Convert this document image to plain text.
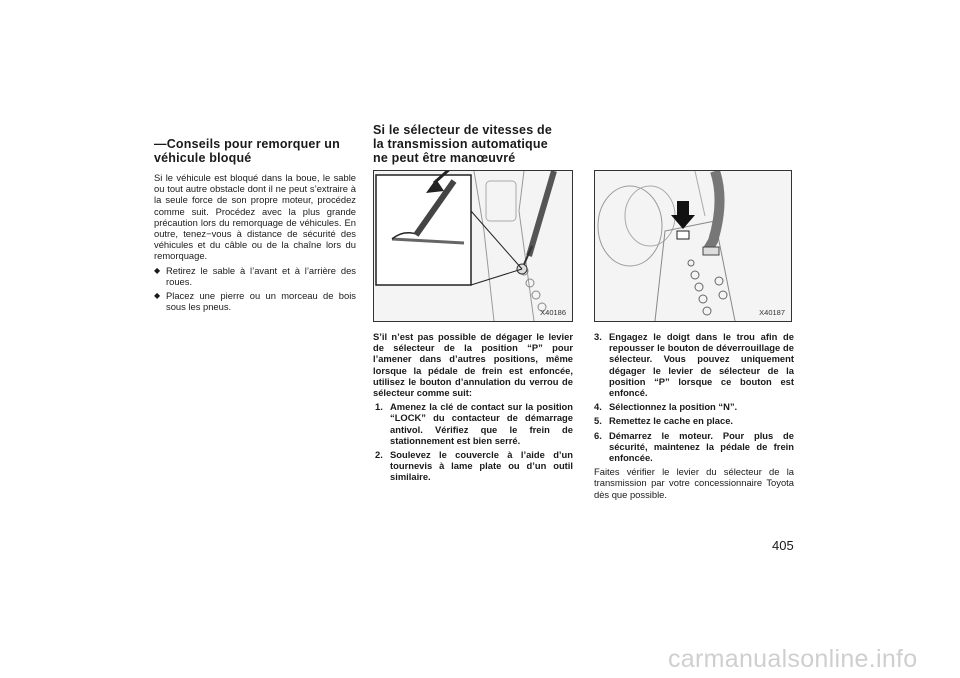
—Conseils pour remorquer un
véhicule bloqué
Si le véhicule est bloqué dans la boue, le sable ou tout autre obstacle dont il ne peut s’extraire à la seule force de son propre moteur, procédez comme suit. Procédez avec la plus grande précaution lors du remorquage de véhicules. En outre, tenez−vous à distance de sécurité des véhicules et du câble ou de la chaîne lors du remorquage.
◆ Retirez le sable à l’avant et à l’arrière des roues.
◆ Placez une pierre ou un morceau de bois sous les pneus.
Si le sélecteur de vitesses de
la transmission automatique
ne peut être manœuvré
X40186
S’il n’est pas possible de dégager le levier de sélecteur de la position “P” pour l’amener dans d’autres positions, même lorsque la pédale de frein est enfoncée, utilisez le bouton d’annulation du verrou de sélecteur comme suit:
1. Amenez la clé de contact sur la position “LOCK” du contacteur de démarrage antivol. Vérifiez que le frein de stationnement est bien serré.
2. Soulevez le couvercle à l’aide d’un tournevis à lame plate ou d’un outil similaire.
X40187
3. Engagez le doigt dans le trou afin de repousser le bouton de déverrouillage de sélecteur. Vous pouvez uniquement dégager le levier de sélecteur de la position “P” lorsque ce bouton est enfoncé.
4. Sélectionnez la position “N”.
5. Remettez le cache en place.
6. Démarrez le moteur. Pour plus de sécurité, maintenez la pédale de frein enfoncée.
Faites vérifier le levier du sélecteur de la transmission par votre concessionnaire Toyota dès que possible.
405
carmanualsonline.info
